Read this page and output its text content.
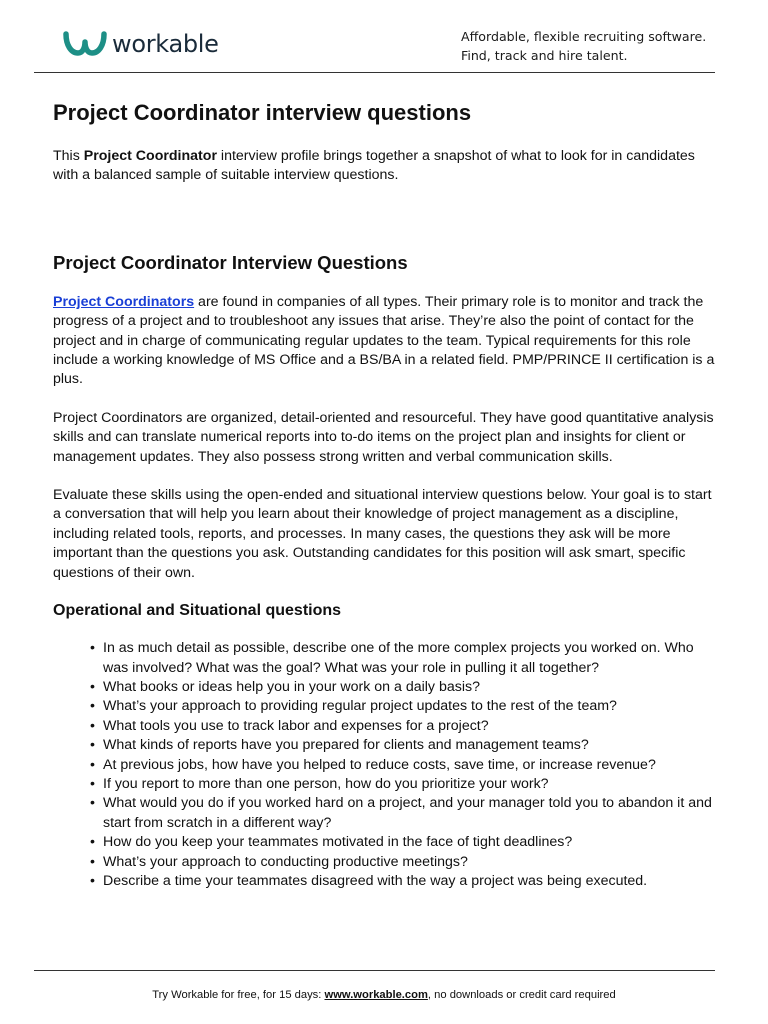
workable	Affordable, flexible recruiting software.
Find, track and hire talent.
Project Coordinator interview questions

This Project Coordinator interview profile brings together a snapshot of what to look for in candidates with a balanced sample of suitable interview questions.

Project Coordinator Interview Questions

Project Coordinators are found in companies of all types. Their primary role is to monitor and track the progress of a project and to troubleshoot any issues that arise. They’re also the point of contact for the project and in charge of communicating regular updates to the team. Typical requirements for this role include a working knowledge of MS Office and a BS/BA in a related field. PMP/PRINCE II certification is a plus.

Project Coordinators are organized, detail-oriented and resourceful. They have good quantitative analysis skills and can translate numerical reports into to-do items on the project plan and insights for client or management updates. They also possess strong written and verbal communication skills.

Evaluate these skills using the open-ended and situational interview questions below. Your goal is to start a conversation that will help you learn about their knowledge of project management as a discipline, including related tools, reports, and processes. In many cases, the questions they ask will be more important than the questions you ask. Outstanding candidates for this position will ask smart, specific questions of their own.

Operational and Situational questions
• In as much detail as possible, describe one of the more complex projects you worked on. Who was involved? What was the goal? What was your role in pulling it all together?
• What books or ideas help you in your work on a daily basis?
• What’s your approach to providing regular project updates to the rest of the team?
• What tools you use to track labor and expenses for a project?
• What kinds of reports have you prepared for clients and management teams?
• At previous jobs, how have you helped to reduce costs, save time, or increase revenue?
• If you report to more than one person, how do you prioritize your work?
• What would you do if you worked hard on a project, and your manager told you to abandon it and start from scratch in a different way?
• How do you keep your teammates motivated in the face of tight deadlines?
• What’s your approach to conducting productive meetings?
• Describe a time your teammates disagreed with the way a project was being executed.
Try Workable for free, for 15 days: www.workable.com, no downloads or credit card required
